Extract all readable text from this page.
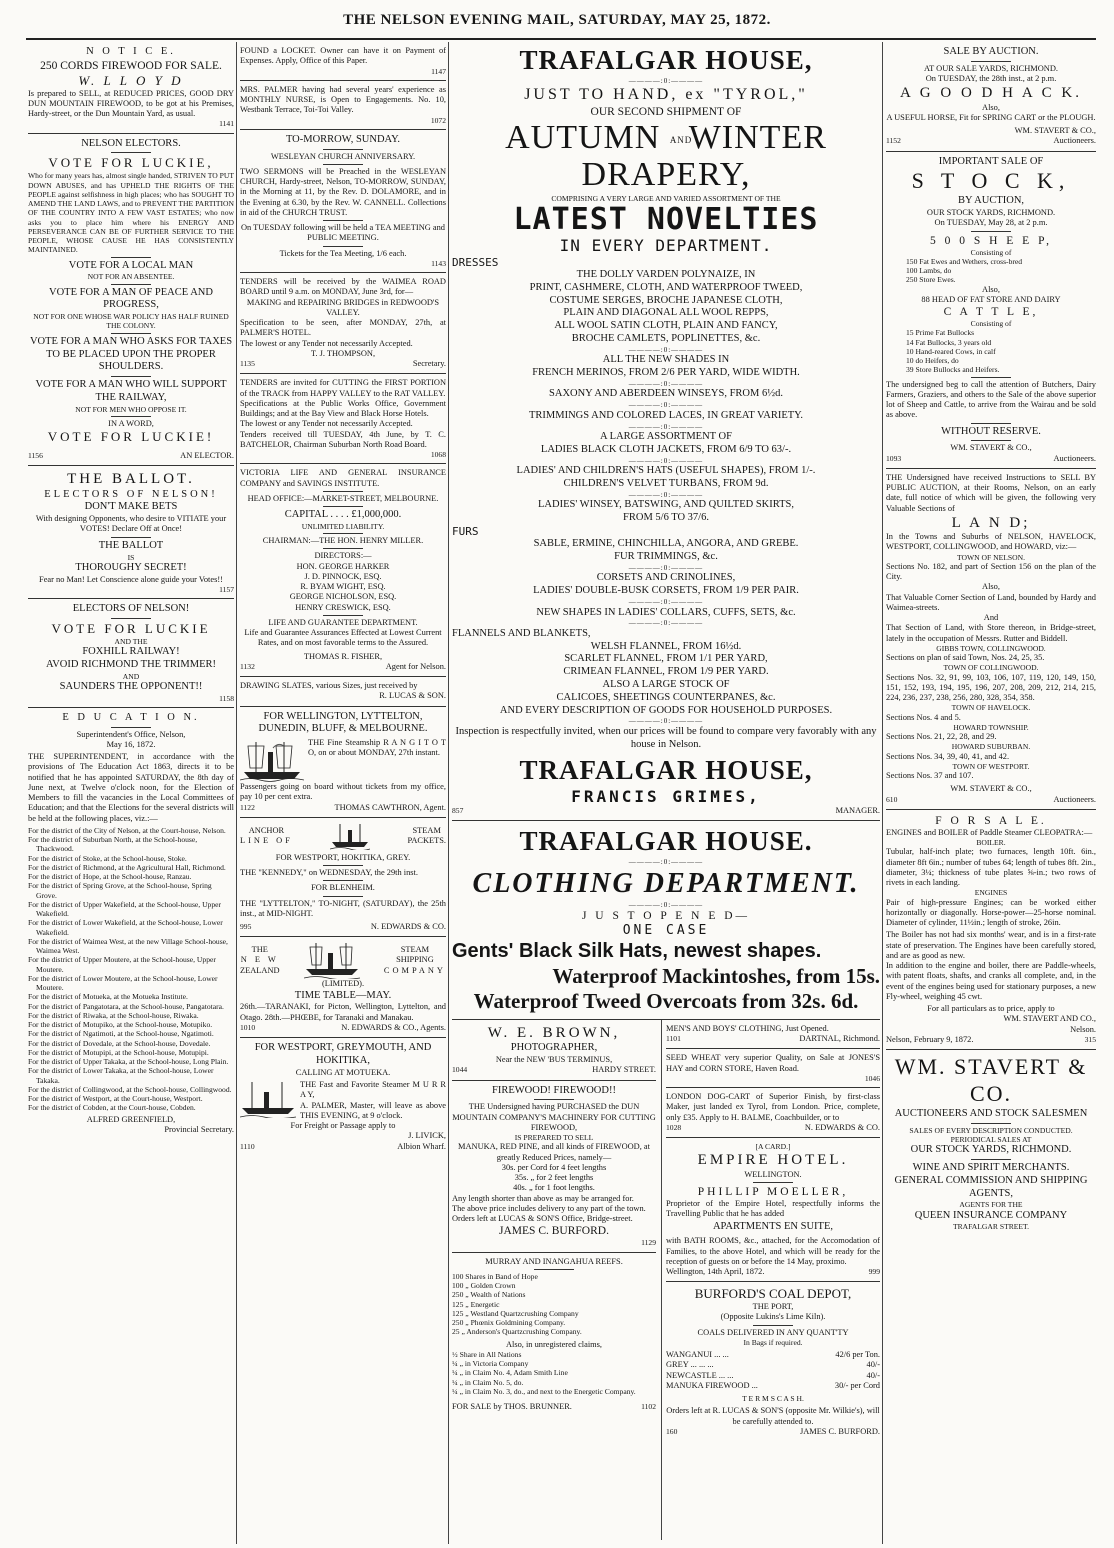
THE NELSON EVENING MAIL, SATURDAY, MAY 25, 1872.
N O T I C E.
250 CORDS FIREWOOD FOR SALE.
W. L L O Y D
Is prepared to SELL, at REDUCED PRICES, GOOD DRY DUN MOUNTAIN FIREWOOD, to be got at his Premises, Hardy-street, or the Dun Mountain Yard, as usual.
1141
NELSON ELECTORS.
VOTE FOR LUCKIE,
Who for many years has, almost single handed, STRIVEN TO PUT DOWN ABUSES, and has UPHELD THE RIGHTS OF THE PEOPLE against selfishness in high places; who has SOUGHT TO AMEND THE LAND LAWS, and to PREVENT THE PARTITION OF THE COUNTRY INTO A FEW VAST ESTATES; who now asks you to place him where his ENERGY AND PERSEVERANCE CAN BE OF FURTHER SERVICE TO THE PEOPLE, WHOSE CAUSE HE HAS CONSISTENTLY MAINTAINED.
VOTE FOR A LOCAL MAN
NOT FOR AN ABSENTEE.
VOTE FOR A MAN OF PEACE AND PROGRESS,
NOT FOR ONE WHOSE WAR POLICY HAS HALF RUINED THE COLONY.
VOTE FOR A MAN WHO ASKS FOR TAXES TO BE PLACED UPON THE PROPER SHOULDERS.
VOTE FOR A MAN WHO WILL SUPPORT THE RAILWAY,
NOT FOR MEN WHO OPPOSE IT.
IN A WORD,
VOTE FOR LUCKIE!
1156	AN ELECTOR.
THE BALLOT.
ELECTORS OF NELSON!
DON'T MAKE BETS
With designing Opponents, who desire to VITIATE your VOTES! Declare Off at Once!
THE BALLOT
IS
THOROUGHY SECRET!
Fear no Man! Let Conscience alone guide your Votes!!
1157
ELECTORS OF NELSON!
VOTE FOR LUCKIE
AND THE
FOXHILL RAILWAY!
AVOID RICHMOND THE TRIMMER!
AND
SAUNDERS THE OPPONENT!!
1158
E D U C A T I O N.
Superintendent's Office, Nelson,
May 16, 1872.
THE SUPERINTENDENT, in accordance with the provisions of The Education Act 1863, directs it to be notified that he has appointed SATURDAY, the 8th day of June next, at Twelve o'clock noon, for the Election of Members to fill the vacancies in the Local Committees of Education; and that the Elections for the several districts will be held at the following places, viz.:—
For the district of the City of Nelson, at the Court-house, Nelson.
For the district of Suburban North, at the School-house, Thackwood.
For the district of Stoke, at the School-house, Stoke.
For the district of Richmond, at the Agricultural Hall, Richmond.
For the district of Hope, at the School-house, Ranzau.
For the district of Spring Grove, at the School-house, Spring Grove.
For the district of Upper Wakefield, at the School-house, Upper Wakefield.
For the district of Lower Wakefield, at the School-house, Lower Wakefield.
For the district of Waimea West, at the new Village School-house, Waimea West.
For the district of Upper Moutere, at the School-house, Upper Moutere.
For the district of Lower Moutere, at the School-house, Lower Moutere.
For the district of Motueka, at the Motueka Institute.
For the district of Pangatotara, at the School-house, Pangatotara.
For the district of Riwaka, at the School-house, Riwaka.
For the district of Motupiko, at the School-house, Motupiko.
For the district of Ngatimoti, at the School-house, Ngatimoti.
For the district of Dovedale, at the School-house, Dovedale.
For the district of Motupipi, at the School-house, Motupipi.
For the district of Upper Takaka, at the School-house, Long Plain.
For the district of Lower Takaka, at the School-house, Lower Takaka.
For the district of Collingwood, at the School-house, Collingwood.
For the district of Westport, at the Court-house, Westport.
For the district of Cobden, at the Court-house, Cobden.
ALFRED GREENFIELD,
Provincial Secretary.
FOUND a LOCKET. Owner can have it on Payment of Expenses. Apply, Office of this Paper.
1147
MRS. PALMER having had several years' experience as MONTHLY NURSE, is Open to Engagements. No. 10, Westbank Terrace, Toi-Toi Valley.
1072
TO-MORROW, SUNDAY.
WESLEYAN CHURCH ANNIVERSARY.
TWO SERMONS will be Preached in the WESLEYAN CHURCH, Hardy-street, Nelson, TO-MORROW, SUNDAY, in the Morning at 11, by the Rev. D. DOLAMORE, and in the Evening at 6.30, by the Rev. W. CANNELL. Collections in aid of the CHURCH TRUST.
On TUESDAY following will be held a TEA MEETING and PUBLIC MEETING.
Tickets for the Tea Meeting, 1/6 each.
1143
TENDERS will be received by the WAIMEA ROAD BOARD until 9 a.m. on MONDAY, June 3rd, for—
MAKING and REPAIRING BRIDGES in REDWOOD'S VALLEY.
Specification to be seen, after MONDAY, 27th, at PALMER'S HOTEL.
The lowest or any Tender not necessarily Accepted.
T. J. THOMPSON,
1135	Secretary.
TENDERS are invited for CUTTING the FIRST PORTION of the TRACK from HAPPY VALLEY to the RAT VALLEY.
Specifications at the Public Works Office, Government Buildings; and at the Bay View and Black Horse Hotels.
The lowest or any Tender not necessarily Accepted.
Tenders received till TUESDAY, 4th June, by T. C. BATCHELOR, Chairman Suburban North Road Board.
1068
VICTORIA LIFE AND GENERAL INSURANCE COMPANY and SAVINGS INSTITUTE.
HEAD OFFICE:—MARKET-STREET, MELBOURNE.
CAPITAL . . . . £1,000,000.
UNLIMITED LIABILITY.
CHAIRMAN:—THE HON. HENRY MILLER.
DIRECTORS:—
HON. GEORGE HARKER
J. D. PINNOCK, ESQ.
R. BYAM WIGHT, ESQ.
GEORGE NICHOLSON, ESQ.
HENRY CRESWICK, ESQ.
LIFE AND GUARANTEE DEPARTMENT.
Life and Guarantee Assurances Effected at Lowest Current Rates, and on most favorable terms to the Assured.
THOMAS R. FISHER,
1132	Agent for Nelson.
DRAWING SLATES, various Sizes, just received by
R. LUCAS & SON.
FOR WELLINGTON, LYTTELTON, DUNEDIN, BLUFF, & MELBOURNE.
THE Fine Steamship R A N G I T O T O, on or about MONDAY, 27th instant.
Passengers going on board without tickets from my office, pay 10 per cent extra.
1122	THOMAS CAWTHRON, Agent.
ANCHOR
LINE OF
STEAM
PACKETS.
FOR WESTPORT, HOKITIKA, GREY.
THE "KENNEDY," on WEDNESDAY, the 29th inst.
FOR BLENHEIM.
THE "LYTTELTON," TO-NIGHT, (SATURDAY), the 25th inst., at MID-NIGHT.
995	N. EDWARDS & CO.
THE
N E W
ZEALAND
STEAM
SHIPPING
COMPANY
(LIMITED).
TIME TABLE—MAY.
26th.—TARANAKI, for Picton, Wellington, Lyttelton, and Otago. 28th.—PHŒBE, for Taranaki and Manakau.
1010	N. EDWARDS & CO., Agents.
FOR WESTPORT, GREYMOUTH, AND HOKITIKA,
CALLING AT MOTUEKA.
THE Fast and Favorite Steamer M U R R A Y,
A. PALMER, Master, will leave as above THIS EVENING, at 9 o'clock.
For Freight or Passage apply to
J. LIVICK,
1110	Albion Wharf.
TRAFALGAR HOUSE,
————:0:————
JUST TO HAND, ex "TYROL,"
OUR SECOND SHIPMENT OF
AUTUMN AND WINTER DRAPERY,
COMPRISING A VERY LARGE AND VARIED ASSORTMENT OF THE
LATEST NOVELTIES
IN EVERY DEPARTMENT.
DRESSES
THE DOLLY VARDEN POLYNAIZE, IN
PRINT, CASHMERE, CLOTH, AND WATERPROOF TWEED,
COSTUME SERGES, BROCHE JAPANESE CLOTH,
PLAIN AND DIAGONAL ALL WOOL REPPS,
ALL WOOL SATIN CLOTH, PLAIN AND FANCY,
BROCHE CAMLETS, POPLINETTES, &c.
————:0:————
ALL THE NEW SHADES IN
FRENCH MERINOS, FROM 2/6 PER YARD, WIDE WIDTH.
————:0:————
SAXONY AND ABERDEEN WINSEYS, FROM 6½d.
————:0:————
TRIMMINGS AND COLORED LACES, IN GREAT VARIETY.
————:0:————
A LARGE ASSORTMENT OF
LADIES BLACK CLOTH JACKETS, FROM 6/9 TO 63/-.
————:0:————
LADIES' AND CHILDREN'S HATS (USEFUL SHAPES), FROM 1/-.
CHILDREN'S VELVET TURBANS, FROM 9d.
————:0:————
LADIES' WINSEY, BATSWING, AND QUILTED SKIRTS,
FROM 5/6 TO 37/6.
FURS
SABLE, ERMINE, CHINCHILLA, ANGORA, AND GREBE.
FUR TRIMMINGS, &c.
————:0:————
CORSETS AND CRINOLINES,
LADIES' DOUBLE-BUSK CORSETS, FROM 1/9 PER PAIR.
————:0:————
NEW SHAPES IN LADIES' COLLARS, CUFFS, SETS, &c.
————:0:————
FLANNELS AND BLANKETS,
WELSH FLANNEL, FROM 16½d.
SCARLET FLANNEL, FROM 1/1 PER YARD,
CRIMEAN FLANNEL, FROM 1/9 PER YARD.
ALSO A LARGE STOCK OF
CALICOES, SHEETINGS COUNTERPANES, &c.
AND EVERY DESCRIPTION OF GOODS FOR HOUSEHOLD PURPOSES.
————:0:————
Inspection is respectfully invited, when our prices will be found to compare very favorably with any house in Nelson.
TRAFALGAR HOUSE,
FRANCIS GRIMES,
857	MANAGER.
TRAFALGAR HOUSE.
————:0:————
CLOTHING DEPARTMENT.
————:0:————
J U S T O P E N E D—
ONE CASE
Gents' Black Silk Hats, newest shapes.
Waterproof Mackintoshes, from 15s.
Waterproof Tweed Overcoats from 32s. 6d.
W. E. BROWN,
PHOTOGRAPHER,
Near the NEW 'BUS TERMINUS,
1044	HARDY STREET.
FIREWOOD! FIREWOOD!!
THE Undersigned having PURCHASED the DUN MOUNTAIN COMPANY'S MACHINERY FOR CUTTING FIREWOOD,
IS PREPARED TO SELL
MANUKA, RED PINE, and all kinds of FIREWOOD, at greatly Reduced Prices, namely—
30s. per Cord for 4 feet lengths
35s. „ for 2 feet lengths
40s. „ for 1 foot lengths.
Any length shorter than above as may be arranged for.
The above price includes delivery to any part of the town.
Orders left at LUCAS & SON'S Office, Bridge-street.
JAMES C. BURFORD.
1129
MURRAY AND INANGAHUA REEFS.
100 Shares in Band of Hope
100 „ Golden Crown
250 „ Wealth of Nations
125 „ Energetic
125 „ Westland Quartzcrushing Company
250 „ Phœnix Goldmining Company.
25 „ Anderson's Quartzcrushing Company.
Also, in unregistered claims,
½ Share in All Nations
¼ „ in Victoria Company
¼ „ in Claim No. 4, Adam Smith Line
¼ „ in Claim No. 5, do.
¼ „ in Claim No. 3, do., and next to the Energetic Company.
FOR SALE by THOS. BRUNNER.	1102
MEN'S AND BOYS' CLOTHING, Just Opened.
1101	DARTNAL, Richmond.
SEED WHEAT very superior Quality, on Sale at JONES'S HAY and CORN STORE, Haven Road.
1046
LONDON DOG-CART of Superior Finish, by first-class Maker, just landed ex Tyrol, from London. Price, complete, only £35. Apply to H. BALME, Coachbuilder, or to
1028	N. EDWARDS & CO.
[A CARD.]
EMPIRE HOTEL.
WELLINGTON.
PHILLIP MOELLER,
Proprietor of the Empire Hotel, respectfully informs the Travelling Public that he has added
APARTMENTS EN SUITE,
with BATH ROOMS, &c., attached, for the Accomodation of Families, to the above Hotel, and which will be ready for the reception of guests on or before the 14 May, proximo.
Wellington, 14th April, 1872.	999
BURFORD'S COAL DEPOT,
THE PORT,
(Opposite Lukins's Lime Kiln).
COALS DELIVERED IN ANY QUANT'TY
In Bags if required.
WANGANUI ... ...	42/6 per Ton.
GREY ... ... ...	40/-
NEWCASTLE ... ...	40/-
MANUKA FIREWOOD ...	30/- per Cord
T E R M S C A S H.
Orders left at R. LUCAS & SON'S (opposite Mr. Wilkie's), will be carefully attended to.
160	JAMES C. BURFORD.
SALE BY AUCTION.
AT OUR SALE YARDS, RICHMOND.
On TUESDAY, the 28th inst., at 2 p.m.
A G O O D H A C K.
Also,
A USEFUL HORSE, Fit for SPRING CART or the PLOUGH.
WM. STAVERT & CO.,
1152	Auctioneers.
IMPORTANT SALE OF
S T O C K,
BY AUCTION,
OUR STOCK YARDS, RICHMOND.
On TUESDAY, May 28, at 2 p.m.
5 0 0 S H E E P,
Consisting of
150 Fat Ewes and Wethers, cross-bred
100 Lambs, do
250 Store Ewes.
Also,
88 HEAD OF FAT STORE AND DAIRY
C A T T L E,
Consisting of
15 Prime Fat Bullocks
14 Fat Bullocks, 3 years old
10 Hand-reared Cows, in calf
10 do Heifers, do
39 Store Bullocks and Heifers.
The undersigned beg to call the attention of Butchers, Dairy Farmers, Graziers, and others to the Sale of the above superior lot of Sheep and Cattle, to arrive from the Wairau and be sold as above.
WITHOUT RESERVE.
WM. STAVERT & CO.,
1093	Auctioneers.
THE Undersigned have received Instructions to SELL BY PUBLIC AUCTION, at their Rooms, Nelson, on an early date, full notice of which will be given, the following very Valuable Sections of
L A N D;
In the Towns and Suburbs of NELSON, HAVELOCK, WESTPORT, COLLINGWOOD, and HOWARD, viz:—
TOWN OF NELSON.
Sections No. 182, and part of Section 156 on the plan of the City.
Also,
That Valuable Corner Section of Land, bounded by Hardy and Waimea-streets.
And
That Section of Land, with Store thereon, in Bridge-street, lately in the occupation of Messrs. Rutter and Biddell.
GIBBS TOWN, COLLINGWOOD.
Sections on plan of said Town, Nos. 24, 25, 35.
TOWN OF COLLINGWOOD.
Sections Nos. 32, 91, 99, 103, 106, 107, 119, 120, 149, 150, 151, 152, 193, 194, 195, 196, 207, 208, 209, 212, 214, 215, 224, 236, 237, 238, 256, 280, 328, 354, 358.
TOWN OF HAVELOCK.
Sections Nos. 4 and 5.
HOWARD TOWNSHIP.
Sections Nos. 21, 22, 28, and 29.
HOWARD SUBURBAN.
Sections Nos. 34, 39, 40, 41, and 42.
TOWN OF WESTPORT.
Sections Nos. 37 and 107.
WM. STAVERT & CO.,
610	Auctioneers.
F O R S A L E.
ENGINES and BOILER of Paddle Steamer CLEOPATRA:—
BOILER.
Tubular, half-inch plate; two furnaces, length 10ft. 6in., diameter 8ft 6in.; number of tubes 64; length of tubes 8ft. 2in., diameter, 3¼; thickness of tube plates ⅝-in.; two rows of rivets in each landing.
ENGINES
Pair of high-pressure Engines; can be worked either horizontally or diagonally. Horse-power—25-horse nominal. Diameter of cylinder, 11½in.; length of stroke, 26in.
The Boiler has not had six months' wear, and is in a first-rate state of preservation. The Engines have been carefully stored, and are as good as new.
In addition to the engine and boiler, there are Paddle-wheels, with patent floats, shafts, and cranks all complete, and, in the event of the engines being used for stationary purposes, a new Fly-wheel, weighing 45 cwt.
For all particulars as to price, apply to
WM. STAVERT AND CO.,
Nelson.
Nelson, February 9, 1872.	315
WM. STAVERT & CO.
AUCTIONEERS AND STOCK SALESMEN
SALES OF EVERY DESCRIPTION CONDUCTED.
PERIODICAL SALES AT
OUR STOCK YARDS, RICHMOND.
WINE AND SPIRIT MERCHANTS.
GENERAL COMMISSION AND SHIPPING
AGENTS,
AGENTS FOR THE
QUEEN INSURANCE COMPANY
TRAFALGAR STREET.
